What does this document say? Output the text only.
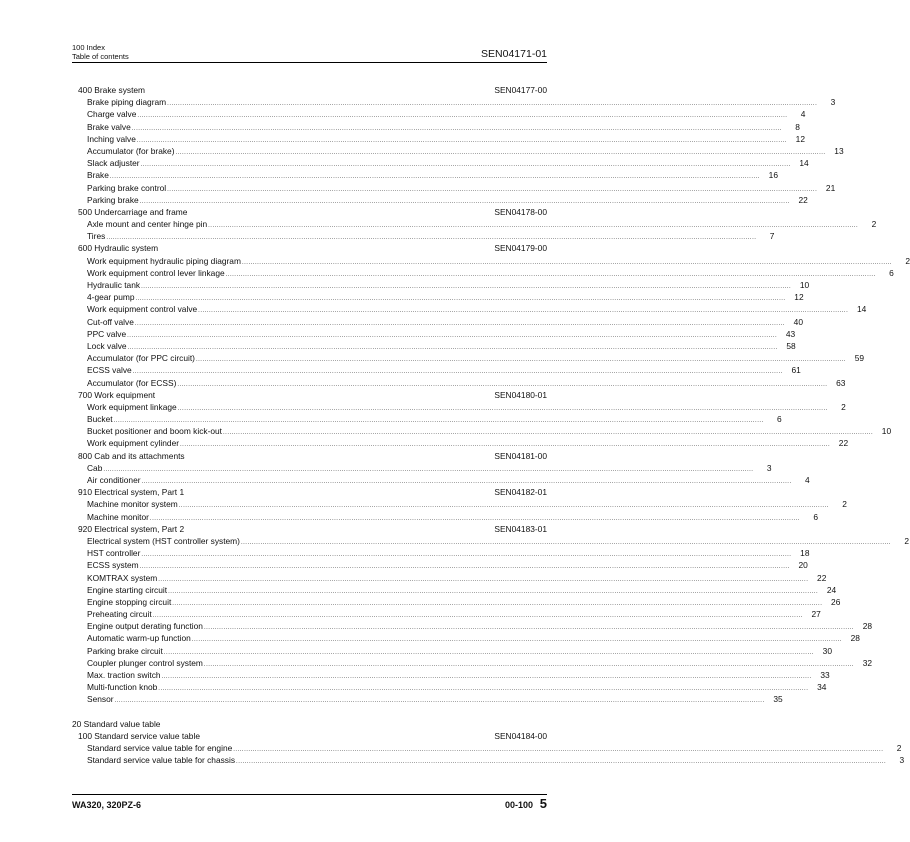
100 Index
Table of contents	SEN04171-01
400 Brake system	SEN04177-00
Brake piping diagram ............................................................................................................................................................................................................................................................................................................	3
Charge valve ............................................................................................................................................................................................................................................................................................................	4
Brake valve ............................................................................................................................................................................................................................................................................................................	8
Inching valve ............................................................................................................................................................................................................................................................................................................	12
Accumulator (for brake) ............................................................................................................................................................................................................................................................................................................	13
Slack adjuster ............................................................................................................................................................................................................................................................................................................	14
Brake ............................................................................................................................................................................................................................................................................................................	16
Parking brake control ............................................................................................................................................................................................................................................................................................................	21
Parking brake ............................................................................................................................................................................................................................................................................................................	22
500 Undercarriage and frame	SEN04178-00
Axle mount and center hinge pin ............................................................................................................................................................................................................................................................................................................	2
Tires ............................................................................................................................................................................................................................................................................................................	7
600 Hydraulic system	SEN04179-00
Work equipment hydraulic piping diagram ............................................................................................................................................................................................................................................................................................................	2
Work equipment control lever linkage ............................................................................................................................................................................................................................................................................................................	6
Hydraulic tank ............................................................................................................................................................................................................................................................................................................	10
4-gear pump ............................................................................................................................................................................................................................................................................................................	12
Work equipment control valve ............................................................................................................................................................................................................................................................................................................	14
Cut-off valve ............................................................................................................................................................................................................................................................................................................	40
PPC valve ............................................................................................................................................................................................................................................................................................................	43
Lock valve ............................................................................................................................................................................................................................................................................................................	58
Accumulator (for PPC circuit) ............................................................................................................................................................................................................................................................................................................	59
ECSS valve ............................................................................................................................................................................................................................................................................................................	61
Accumulator (for ECSS) ............................................................................................................................................................................................................................................................................................................	63
700 Work equipment	SEN04180-01
Work equipment linkage ............................................................................................................................................................................................................................................................................................................	2
Bucket ............................................................................................................................................................................................................................................................................................................	6
Bucket positioner and boom kick-out ............................................................................................................................................................................................................................................................................................................	10
Work equipment cylinder ............................................................................................................................................................................................................................................................................................................	22
800 Cab and its attachments	SEN04181-00
Cab ............................................................................................................................................................................................................................................................................................................	3
Air conditioner ............................................................................................................................................................................................................................................................................................................	4
910 Electrical system, Part 1	SEN04182-01
Machine monitor system ............................................................................................................................................................................................................................................................................................................	2
Machine monitor ............................................................................................................................................................................................................................................................................................................	6
920 Electrical system, Part 2	SEN04183-01
Electrical system (HST controller system) ............................................................................................................................................................................................................................................................................................................	2
HST controller ............................................................................................................................................................................................................................................................................................................	18
ECSS system ............................................................................................................................................................................................................................................................................................................	20
KOMTRAX system ............................................................................................................................................................................................................................................................................................................	22
Engine starting circuit ............................................................................................................................................................................................................................................................................................................	24
Engine stopping circuit ............................................................................................................................................................................................................................................................................................................	26
Preheating circuit ............................................................................................................................................................................................................................................................................................................	27
Engine output derating function ............................................................................................................................................................................................................................................................................................................	28
Automatic warm-up function ............................................................................................................................................................................................................................................................................................................	28
Parking brake circuit ............................................................................................................................................................................................................................................................................................................	30
Coupler plunger control system ............................................................................................................................................................................................................................................................................................................	32
Max. traction switch ............................................................................................................................................................................................................................................................................................................	33
Multi-function knob ............................................................................................................................................................................................................................................................................................................	34
Sensor ............................................................................................................................................................................................................................................................................................................	35
20 Standard value table
100 Standard service value table	SEN04184-00
Standard service value table for engine ............................................................................................................................................................................................................................................................................................................	2
Standard service value table for chassis ............................................................................................................................................................................................................................................................................................................	3
WA320, 320PZ-6	00-100 5
